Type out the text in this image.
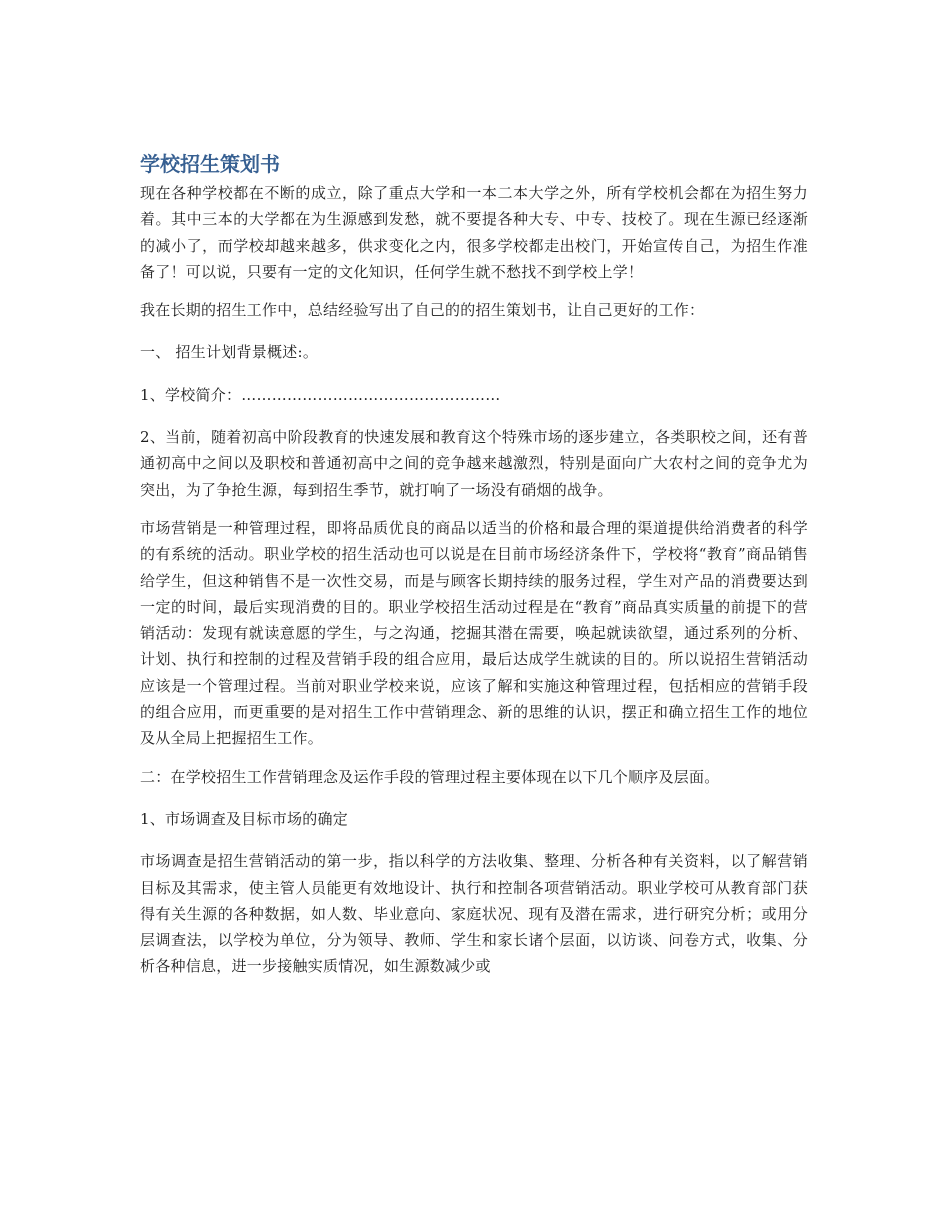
学校招生策划书

现在各种学校都在不断的成立，除了重点大学和一本二本大学之外，所有学校机会都在为招生努力着。其中三本的大学都在为生源感到发愁，就不要提各种大专、中专、技校了。现在生源已经逐渐的减小了，而学校却越来越多，供求变化之内，很多学校都走出校门，开始宣传自己，为招生作准备了！可以说，只要有一定的文化知识，任何学生就不愁找不到学校上学！

我在长期的招生工作中，总结经验写出了自己的的招生策划书，让自己更好的工作：

一、 招生计划背景概述:。

1、学校简介：……………………………………………

2、当前，随着初高中阶段教育的快速发展和教育这个特殊市场的逐步建立，各类职校之间，还有普通初高中之间以及职校和普通初高中之间的竞争越来越激烈，特别是面向广大农村之间的竞争尤为突出，为了争抢生源，每到招生季节，就打响了一场没有硝烟的战争。

市场营销是一种管理过程，即将品质优良的商品以适当的价格和最合理的渠道提供给消费者的科学的有系统的活动。职业学校的招生活动也可以说是在目前市场经济条件下，学校将“教育”商品销售给学生，但这种销售不是一次性交易，而是与顾客长期持续的服务过程，学生对产品的消费要达到一定的时间，最后实现消费的目的。职业学校招生活动过程是在“教育”商品真实质量的前提下的营销活动：发现有就读意愿的学生，与之沟通，挖掘其潜在需要，唤起就读欲望，通过系列的分析、计划、执行和控制的过程及营销手段的组合应用，最后达成学生就读的目的。所以说招生营销活动应该是一个管理过程。当前对职业学校来说，应该了解和实施这种管理过程，包括相应的营销手段的组合应用，而更重要的是对招生工作中营销理念、新的思维的认识，摆正和确立招生工作的地位及从全局上把握招生工作。

二：在学校招生工作营销理念及运作手段的管理过程主要体现在以下几个顺序及层面。

1、市场调查及目标市场的确定

市场调查是招生营销活动的第一步，指以科学的方法收集、整理、分析各种有关资料，以了解营销目标及其需求，使主管人员能更有效地设计、执行和控制各项营销活动。职业学校可从教育部门获得有关生源的各种数据，如人数、毕业意向、家庭状况、现有及潜在需求，进行研究分析；或用分层调查法，以学校为单位，分为领导、教师、学生和家长诸个层面，以访谈、问卷方式，收集、分析各种信息，进一步接触实质情况，如生源数减少或
